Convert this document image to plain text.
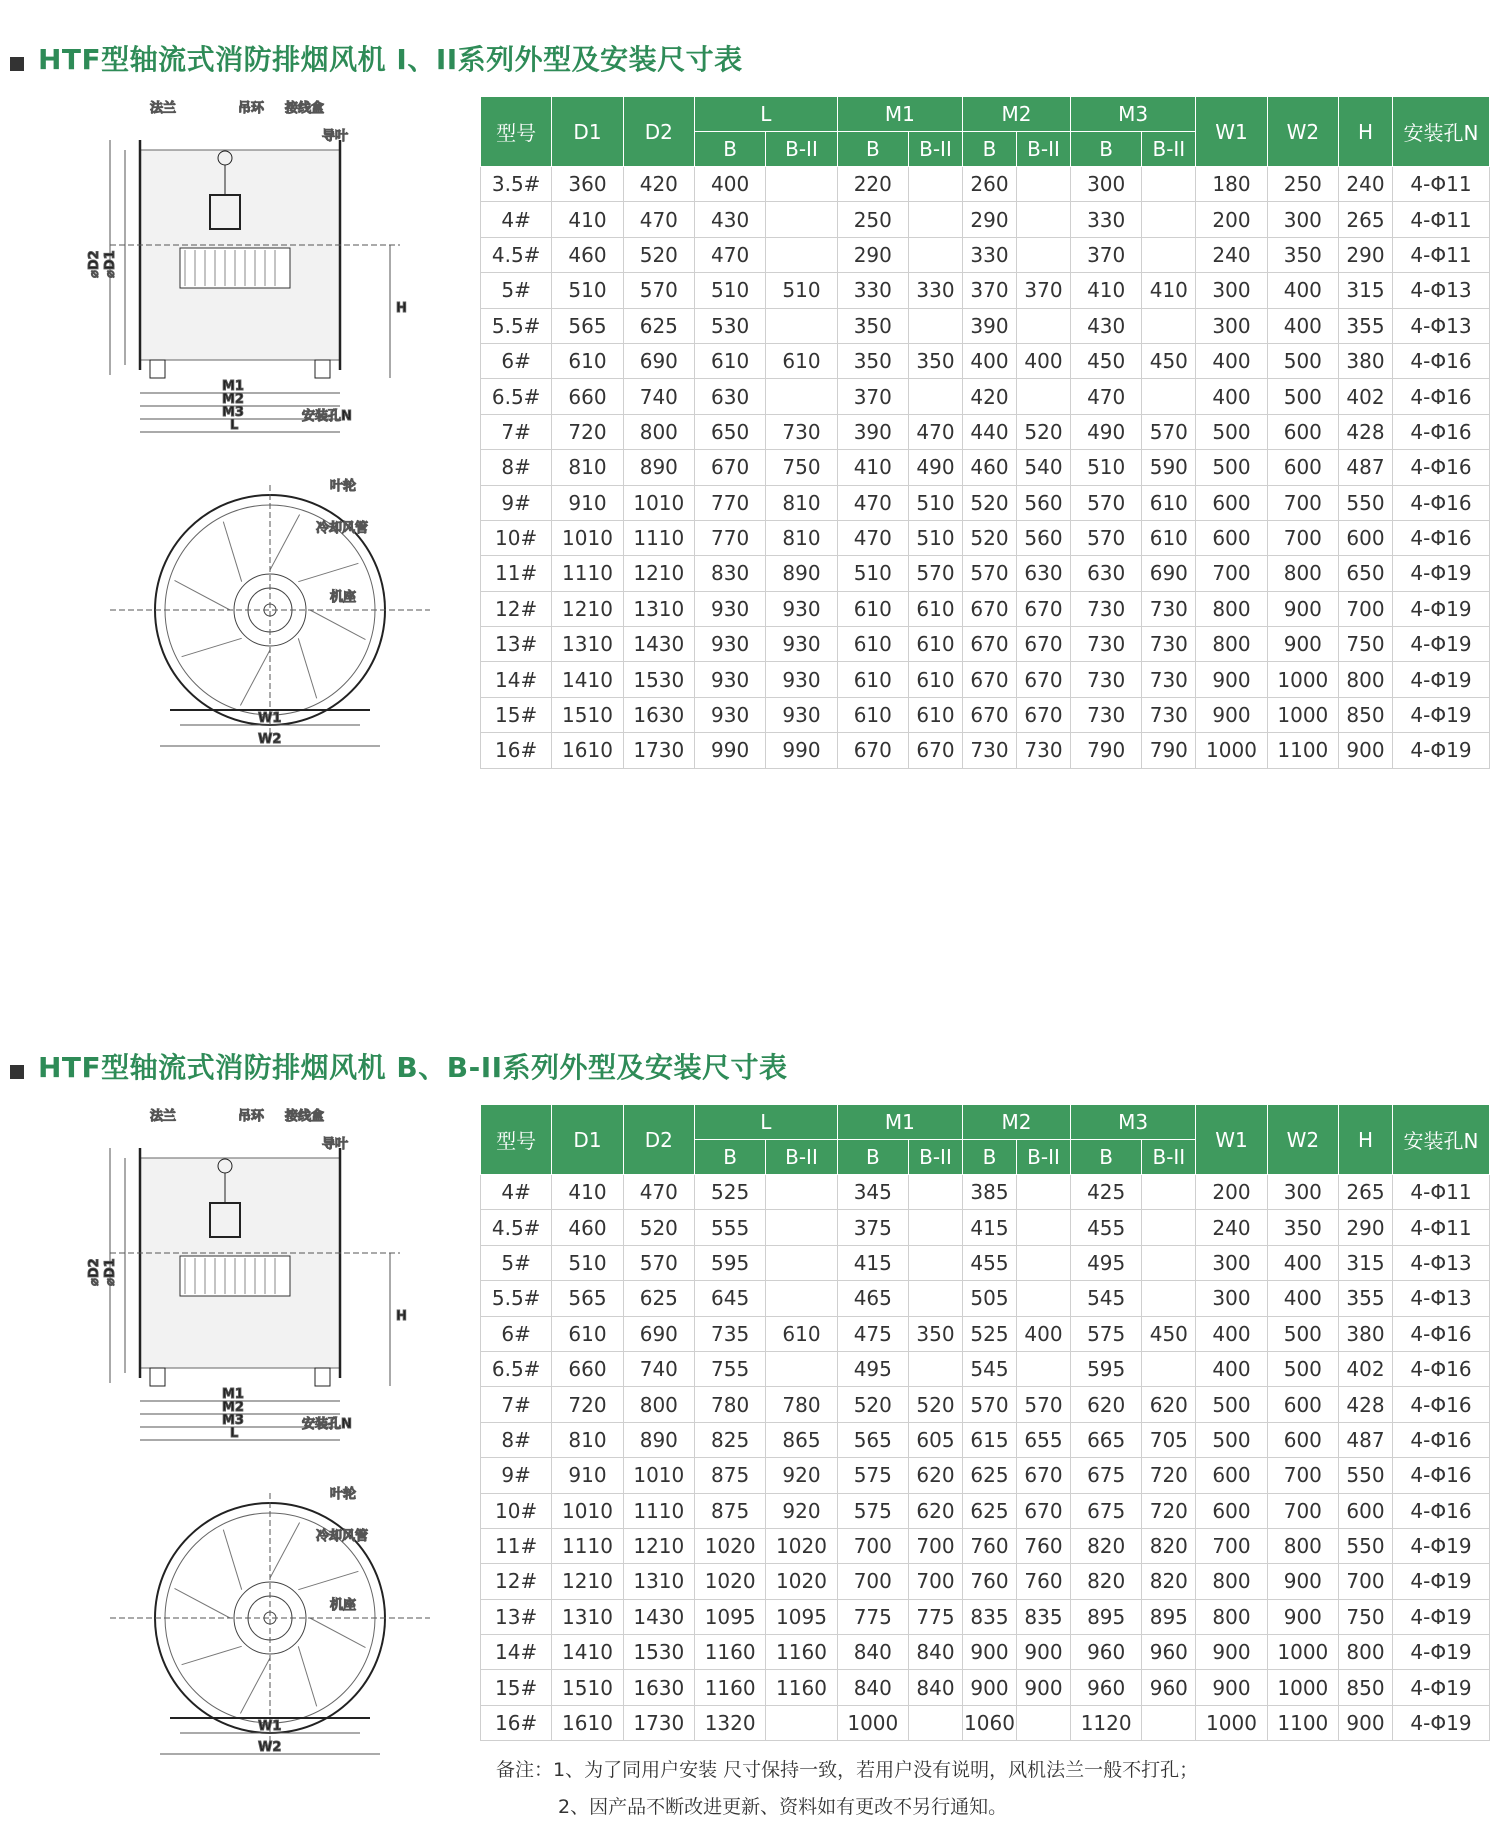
HTF型轴流式消防排烟风机 I、II系列外型及安装尺寸表
⌀D2 ⌀D1
H
M1
M2
M3
L
安装孔N
法兰	吊环 接线盒
导叶
W1
W2
叶轮
冷却风管
机座
型号	D1	D2	L		M1		M2		M3		W1	W2	H	安装孔N
			B	B-II	B	B-II	B	B-II	B	B-II				
3.5#	360	420	400		220		260		300		180	250	240	4-Φ11
4#	410	470	430		250		290		330		200	300	265	4-Φ11
4.5#	460	520	470		290		330		370		240	350	290	4-Φ11
5#	510	570	510	510	330	330	370	370	410	410	300	400	315	4-Φ13
5.5#	565	625	530		350		390		430		300	400	355	4-Φ13
6#	610	690	610	610	350	350	400	400	450	450	400	500	380	4-Φ16
6.5#	660	740	630		370		420		470		400	500	402	4-Φ16
7#	720	800	650	730	390	470	440	520	490	570	500	600	428	4-Φ16
8#	810	890	670	750	410	490	460	540	510	590	500	600	487	4-Φ16
9#	910	1010	770	810	470	510	520	560	570	610	600	700	550	4-Φ16
10#	1010	1110	770	810	470	510	520	560	570	610	600	700	600	4-Φ16
11#	1110	1210	830	890	510	570	570	630	630	690	700	800	650	4-Φ19
12#	1210	1310	930	930	610	610	670	670	730	730	800	900	700	4-Φ19
13#	1310	1430	930	930	610	610	670	670	730	730	800	900	750	4-Φ19
14#	1410	1530	930	930	610	610	670	670	730	730	900	1000	800	4-Φ19
15#	1510	1630	930	930	610	610	670	670	730	730	900	1000	850	4-Φ19
16#	1610	1730	990	990	670	670	730	730	790	790	1000	1100	900	4-Φ19
HTF型轴流式消防排烟风机 B、B-II系列外型及安装尺寸表
⌀D2 ⌀D1
H
M1
M2
M3
L
安装孔N
法兰	吊环 接线盒
导叶
W1
W2
叶轮
冷却风管
机座
型号	D1	D2	L		M1		M2		M3		W1	W2	H	安装孔N
			B	B-II	B	B-II	B	B-II	B	B-II				
4#	410	470	525		345		385		425		200	300	265	4-Φ11
4.5#	460	520	555		375		415		455		240	350	290	4-Φ11
5#	510	570	595		415		455		495		300	400	315	4-Φ13
5.5#	565	625	645		465		505		545		300	400	355	4-Φ13
6#	610	690	735	610	475	350	525	400	575	450	400	500	380	4-Φ16
6.5#	660	740	755		495		545		595		400	500	402	4-Φ16
7#	720	800	780	780	520	520	570	570	620	620	500	600	428	4-Φ16
8#	810	890	825	865	565	605	615	655	665	705	500	600	487	4-Φ16
9#	910	1010	875	920	575	620	625	670	675	720	600	700	550	4-Φ16
10#	1010	1110	875	920	575	620	625	670	675	720	600	700	600	4-Φ16
11#	1110	1210	1020	1020	700	700	760	760	820	820	700	800	550	4-Φ19
12#	1210	1310	1020	1020	700	700	760	760	820	820	800	900	700	4-Φ19
13#	1310	1430	1095	1095	775	775	835	835	895	895	800	900	750	4-Φ19
14#	1410	1530	1160	1160	840	840	900	900	960	960	900	1000	800	4-Φ19
15#	1510	1630	1160	1160	840	840	900	900	960	960	900	1000	850	4-Φ19
16#	1610	1730	1320		1000		1060		1120		1000	1100	900	4-Φ19
备注：1、为了同用户安装 尺寸保持一致，若用户没有说明，风机法兰一般不打孔；
2、因产品不断改进更新、资料如有更改不另行通知。
